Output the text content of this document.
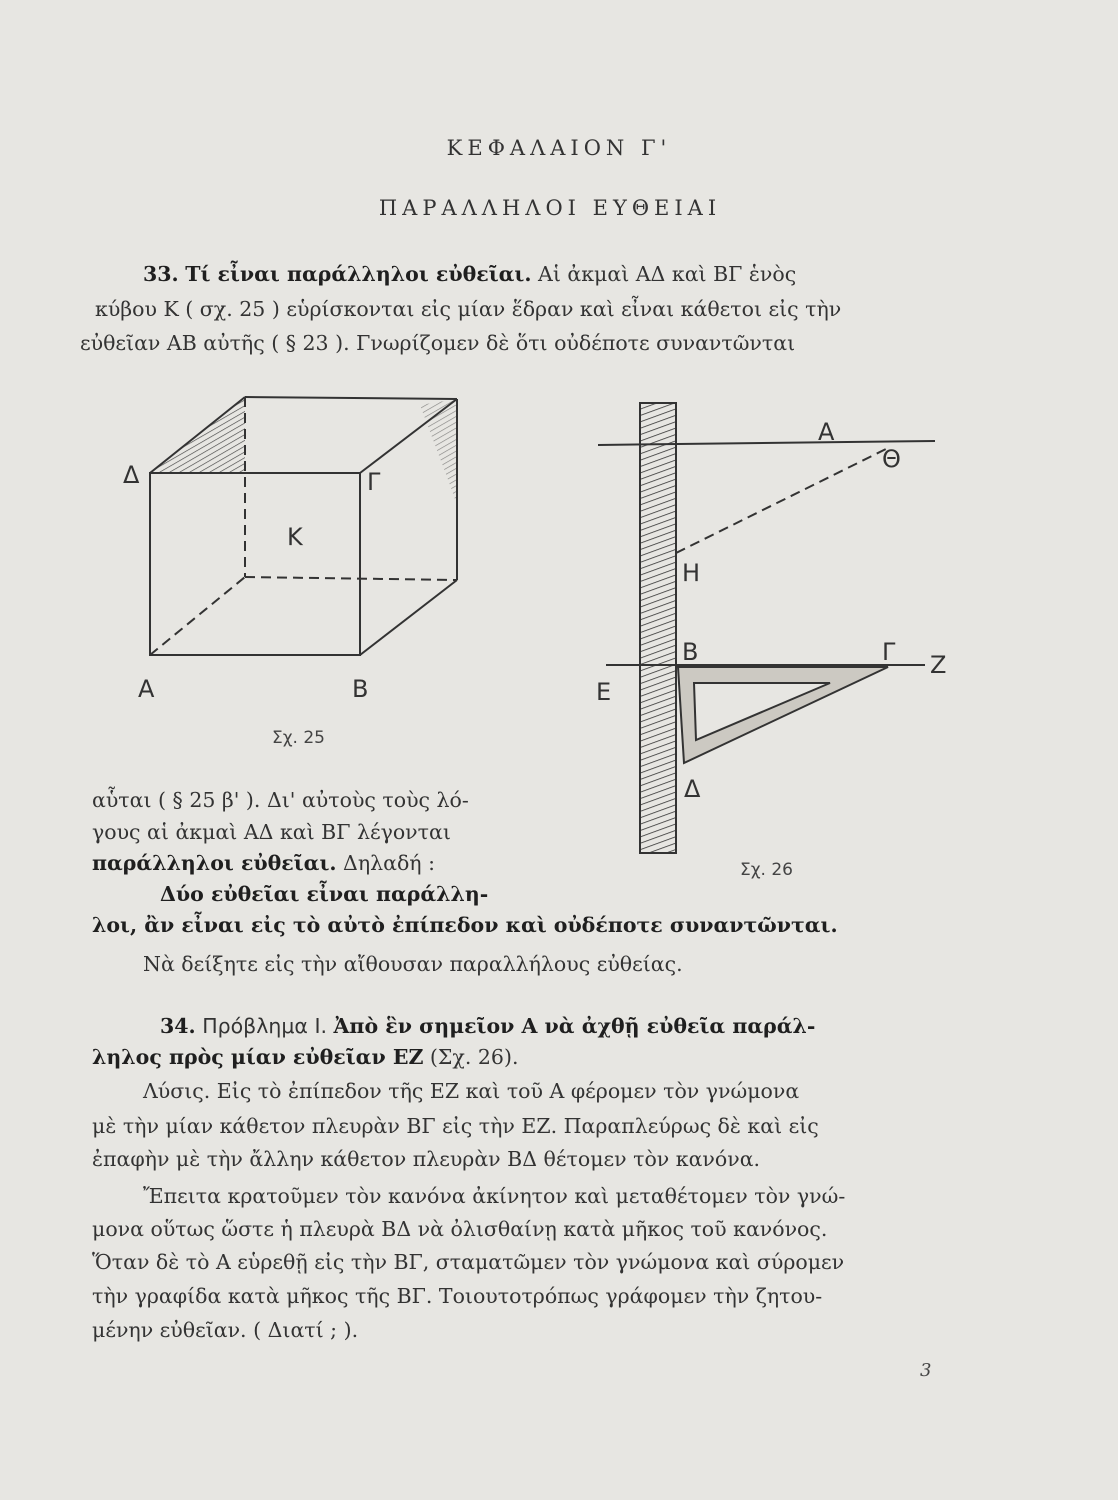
ΚΕΦΑΛΑΙΟΝ Γ'
ΠΑΡΑΛΛΗΛΟΙ ΕΥΘΕΙΑΙ
33. Τί εἶναι παράλληλοι εὐθεῖαι. Αἱ ἀκμαὶ ΑΔ καὶ ΒΓ ἑνὸς
κύβου Κ ( σχ. 25 ) εὑρίσκονται εἰς μίαν ἕδραν καὶ εἶναι κάθετοι εἰς τὴν
εὐθεῖαν ΑΒ αὐτῆς ( § 23 ). Γνωρίζομεν δὲ ὅτι οὐδέποτε συναντῶνται
Δ	Γ
Κ
Α	Β
Σχ. 25
Α
Θ
Η
Β	Γ Ζ
Ε
Δ
Σχ. 26
αὗται ( § 25 β' ). Δι' αὐτοὺς τοὺς λό-
γους αἱ ἀκμαὶ ΑΔ καὶ ΒΓ λέγονται
παράλληλοι εὐθεῖαι. Δηλαδή :
Δύο εὐθεῖαι εἶναι παράλλη-
λοι, ἂν εἶναι εἰς τὸ αὐτὸ ἐπίπεδον καὶ οὐδέποτε συναντῶνται.
Νὰ δείξητε εἰς τὴν αἴθουσαν παραλλήλους εὐθείας.
34. Πρόβλημα Ι. Ἀπὸ ἓν σημεῖον Α νὰ ἀχθῇ εὐθεῖα παράλ-
ληλος πρὸς μίαν εὐθεῖαν ΕΖ (Σχ. 26).
Λύσις. Εἰς τὸ ἐπίπεδον τῆς ΕΖ καὶ τοῦ Α φέρομεν τὸν γνώμονα
μὲ τὴν μίαν κάθετον πλευρὰν ΒΓ εἰς τὴν ΕΖ. Παραπλεύρως δὲ καὶ εἰς
ἐπαφὴν μὲ τὴν ἄλλην κάθετον πλευρὰν ΒΔ θέτομεν τὸν κανόνα.
Ἔπειτα κρατοῦμεν τὸν κανόνα ἀκίνητον καὶ μεταθέτομεν τὸν γνώ-
μονα οὕτως ὥστε ἡ πλευρὰ ΒΔ νὰ ὀλισθαίνῃ κατὰ μῆκος τοῦ κανόνος.
Ὅταν δὲ τὸ Α εὑρεθῇ εἰς τὴν ΒΓ, σταματῶμεν τὸν γνώμονα καὶ σύρομεν
τὴν γραφίδα κατὰ μῆκος τῆς ΒΓ. Τοιουτοτρόπως γράφομεν τὴν ζητου-
μένην εὐθεῖαν. ( Διατί ; ).
3
